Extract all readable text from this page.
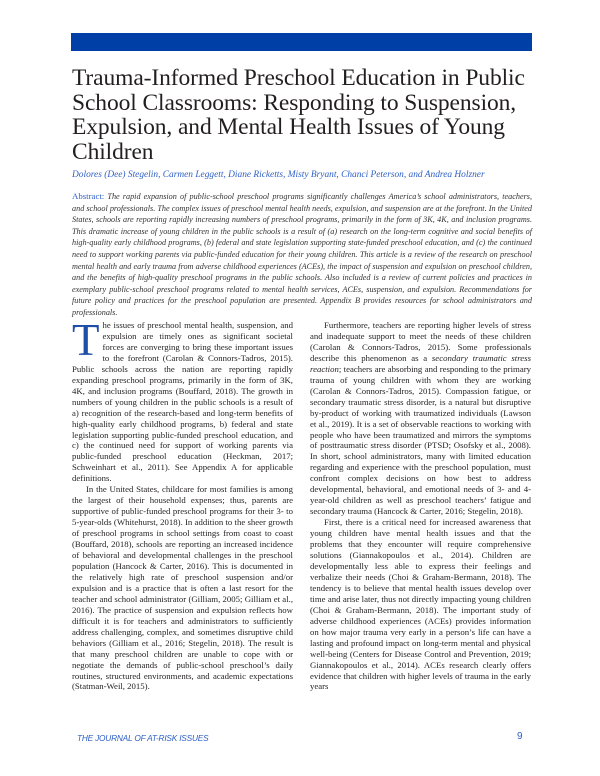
Trauma-Informed Preschool Education in Public School Classrooms: Responding to Suspension, Expulsion, and Mental Health Issues of Young Children
Dolores (Dee) Stegelin, Carmen Leggett, Diane Ricketts, Misty Bryant, Chanci Peterson, and Andrea Holzner
Abstract: The rapid expansion of public-school preschool programs significantly challenges America’s school administrators, teachers, and school professionals. The complex issues of preschool mental health needs, expulsion, and suspension are at the forefront. In the United States, schools are reporting rapidly increasing numbers of preschool programs, primarily in the form of 3K, 4K, and inclusion programs. This dramatic increase of young children in the public schools is a result of (a) research on the long-term cognitive and social benefits of high-quality early childhood programs, (b) federal and state legislation supporting state-funded preschool education, and (c) the continued need to support working parents via public-funded education for their young children. This article is a review of the research on preschool mental health and early trauma from adverse childhood experiences (ACEs), the impact of suspension and expulsion on preschool children, and the benefits of high-quality preschool programs in the public schools. Also included is a review of current policies and practices in exemplary public-school preschool programs related to mental health services, ACEs, suspension, and expulsion. Recommendations for future policy and practices for the preschool population are presented. Appendix B provides resources for school administrators and professionals.

The issues of preschool mental health, suspension, and expulsion are timely ones as significant societal forces are converging to bring these important issues to the forefront (Carolan & Connors-Tadros, 2015). Public schools across the nation are reporting rapidly expanding preschool programs, primarily in the form of 3K, 4K, and inclusion programs (Bouffard, 2018). The growth in numbers of young children in the public schools is a result of a) recognition of the research-based and long-term benefits of high-quality early childhood programs, b) federal and state legislation supporting public-funded preschool education, and c) the continued need for support of working parents via public-funded preschool education (Heckman, 2017; Schweinhart et al., 2011). See Appendix A for applicable definitions.

In the United States, childcare for most families is among the largest of their household expenses; thus, parents are supportive of public-funded preschool programs for their 3- to 5-year-olds (Whitehurst, 2018). In addition to the sheer growth of preschool programs in school settings from coast to coast (Bouffard, 2018), schools are reporting an increased incidence of behavioral and developmental challenges in the preschool population (Hancock & Carter, 2016). This is documented in the relatively high rate of preschool suspension and/or expulsion and is a practice that is often a last resort for the teacher and school administrator (Gilliam, 2005; Gilliam et al., 2016). The practice of suspension and expulsion reflects how difficult it is for teachers and administrators to sufficiently address challenging, complex, and sometimes disruptive child behaviors (Gilliam et al., 2016; Stegelin, 2018). The result is that many preschool children are unable to cope with or negotiate the demands of public-school preschool’s daily routines, structured environments, and academic expectations (Statman-Weil, 2015).

Furthermore, teachers are reporting higher levels of stress and inadequate support to meet the needs of these children (Carolan & Connors-Tadros, 2015). Some professionals describe this phenomenon as a secondary traumatic stress reaction; teachers are absorbing and responding to the primary trauma of young children with whom they are working (Carolan & Connors-Tadros, 2015). Compassion fatigue, or secondary traumatic stress disorder, is a natural but disruptive by-product of working with traumatized individuals (Lawson et al., 2019). It is a set of observable reactions to working with people who have been traumatized and mirrors the symptoms of posttraumatic stress disorder (PTSD; Osofsky et al., 2008). In short, school administrators, many with limited education regarding and experience with the preschool population, must confront complex decisions on how best to address developmental, behavioral, and emotional needs of 3- and 4-year-old children as well as preschool teachers’ fatigue and secondary trauma (Hancock & Carter, 2016; Stegelin, 2018).

First, there is a critical need for increased awareness that young children have mental health issues and that the problems that they encounter will require comprehensive solutions (Giannakopoulos et al., 2014). Children are developmentally less able to express their feelings and verbalize their needs (Choi & Graham-Bermann, 2018). The tendency is to believe that mental health issues develop over time and arise later, thus not directly impacting young children (Choi & Graham-Bermann, 2018). The important study of adverse childhood experiences (ACEs) provides information on how major trauma very early in a person’s life can have a lasting and profound impact on long-term mental and physical well-being (Centers for Disease Control and Prevention, 2019; Giannakopoulos et al., 2014). ACEs research clearly offers evidence that children with higher levels of trauma in the early years

THE JOURNAL OF AT-RISK ISSUES	9
